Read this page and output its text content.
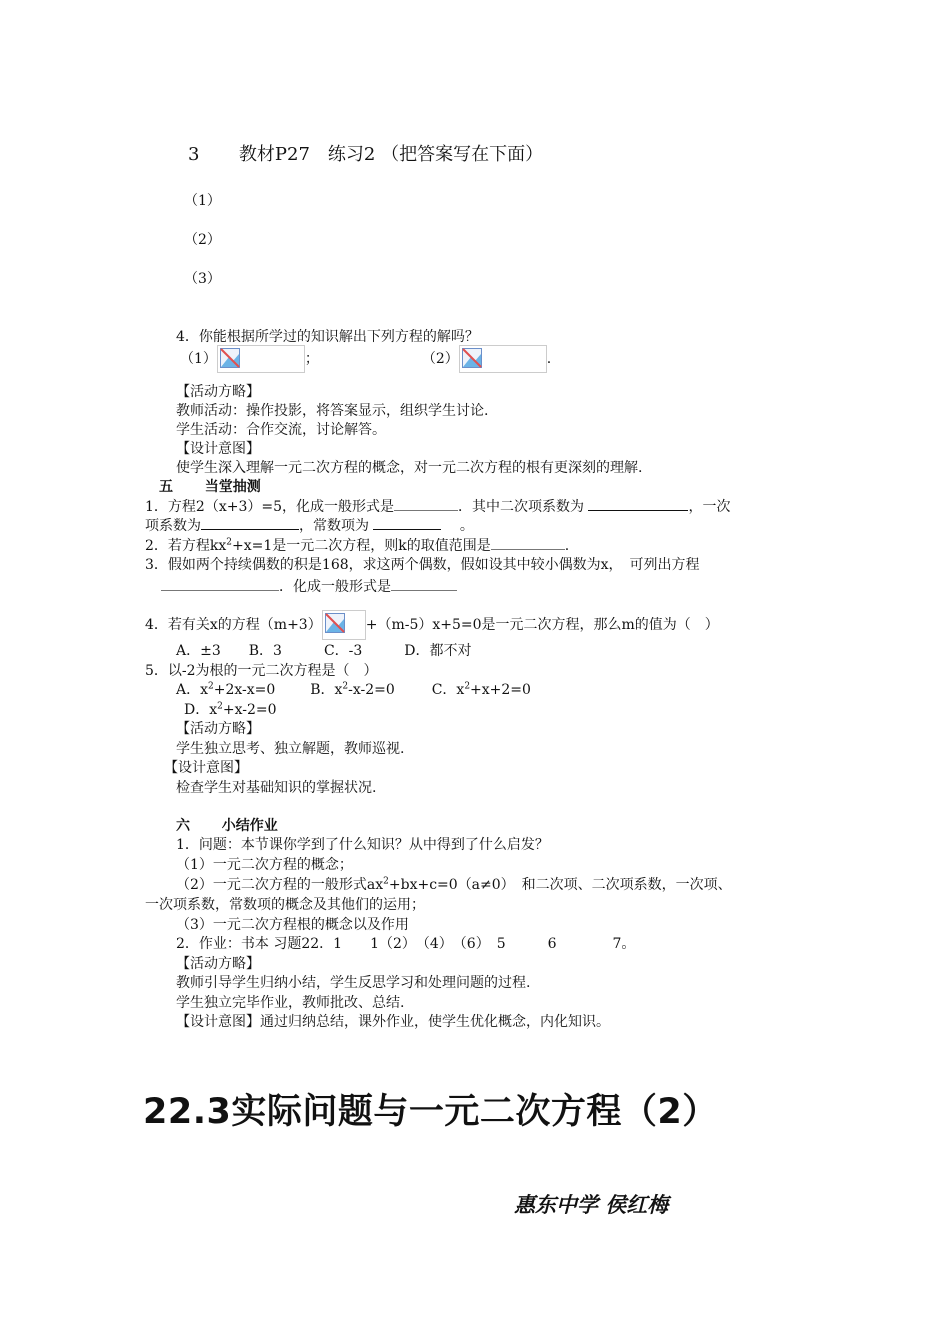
3 教材P27　练习2 （把答案写在下面）
（1）
（2）
（3）
4．你能根据所学过的知识解出下列方程的解吗？
（1）	；	（2）	.
【活动方略】
教师活动：操作投影，将答案显示，组织学生讨论.
学生活动：合作交流，讨论解答。
【设计意图】
使学生深入理解一元二次方程的概念，对一元二次方程的根有更深刻的理解.
五 当堂抽测
1．方程2（x+3）=5，化成一般形式是	．其中二次项系数为	，一次
项系数为	，常数项为	。
2．若方程$kx^2+x=1$是一元二次方程，则k的取值范围是	.
3．假如两个持续偶数的积是168，求这两个偶数，假如设其中较小偶数为x，　可列出方程
．化成一般形式是
4．若有关x的方程（m+3）	+（m-5）x+5=0是一元二次方程，那么m的值为（　）
A．±3　　B．3　　　C．-3　　　D．都不对
5．以-2为根的一元二次方程是（　）
A．$x^2+2x-x=0$ B．$x^2-x-2=0$	C．$x^2+x+2=0$
D．$x^2+x-2=0$
【活动方略】
学生独立思考、独立解题，教师巡视.
【设计意图】
检查学生对基础知识的掌握状况.
六 小结作业
1．问题：本节课你学到了什么知识？从中得到了什么启发？
（1）一元二次方程的概念；
（2）一元二次方程的一般形式$ax^2+bx+c=0(a\ne 0)$　和二次项、二次项系数，一次项、
一次项系数，常数项的概念及其他们的运用；
（3）一元二次方程根的概念以及作用
2．作业：书本 习题22．1　　1（2）　（4）　（6）　5　　　6　　　　7。
【活动方略】
教师引导学生归纳小结，学生反思学习和处理问题的过程.
学生独立完毕作业，教师批改、总结.
【设计意图】通过归纳总结，课外作业，使学生优化概念，内化知识。
22.3实际问题与一元二次方程（2）
惠东中学 侯红梅
